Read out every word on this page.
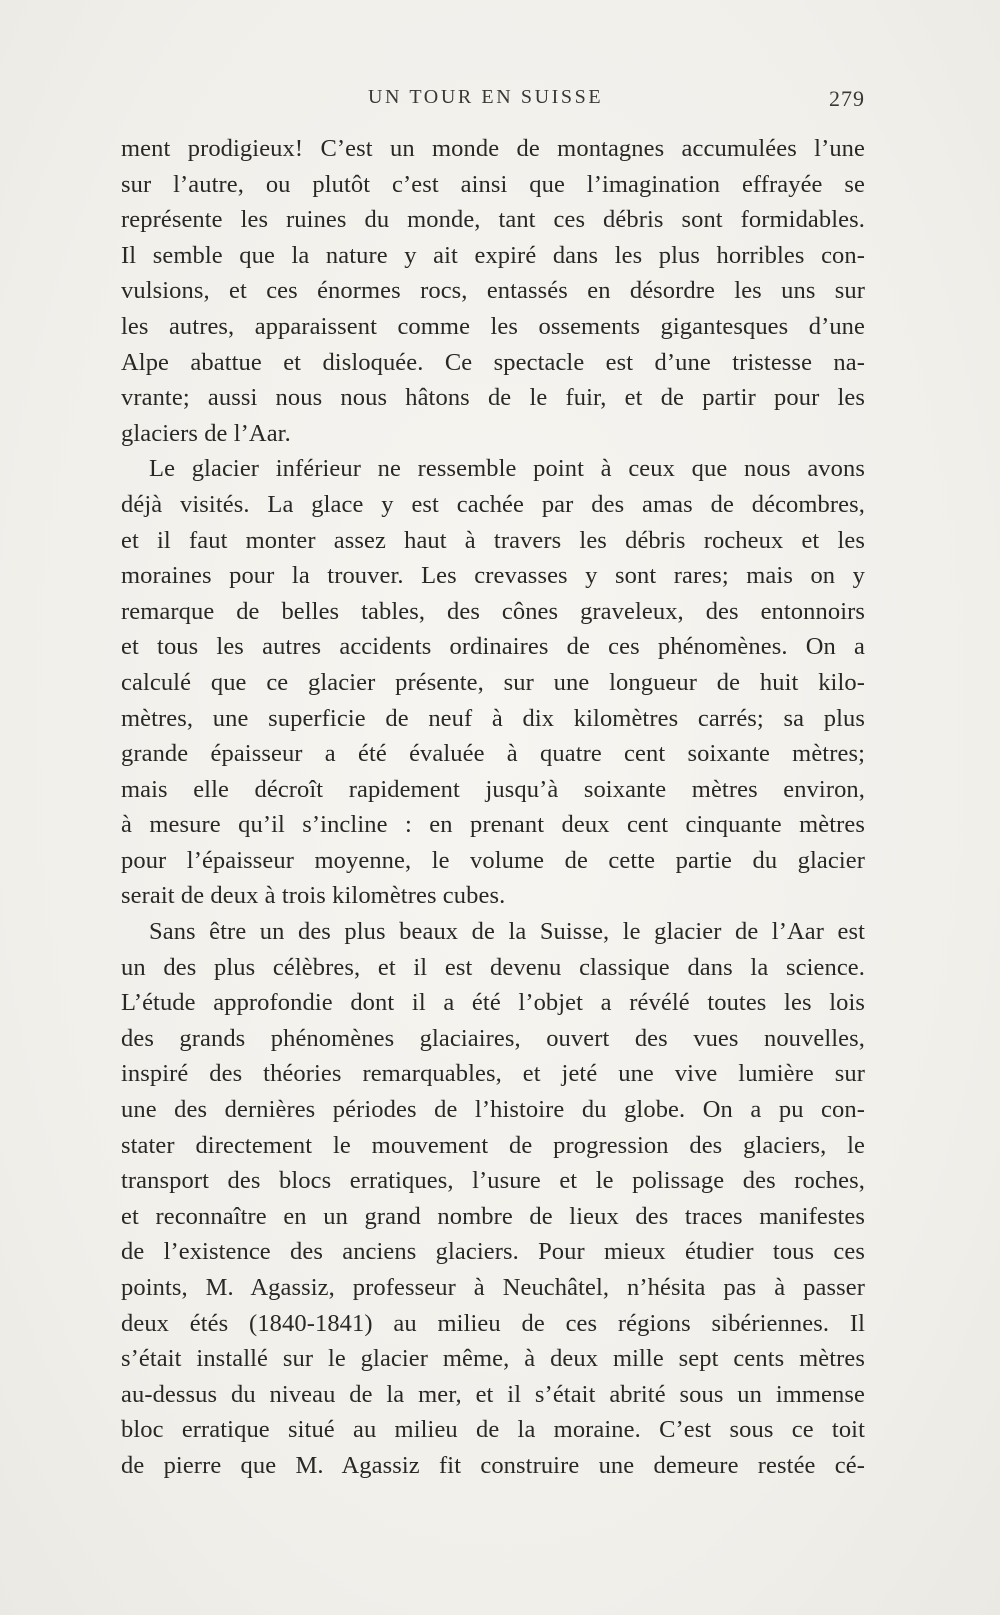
UN TOUR EN SUISSE	279
ment prodigieux! C’est un monde de montagnes accumulées l’une
sur l’autre, ou plutôt c’est ainsi que l’imagination effrayée se
représente les ruines du monde, tant ces débris sont formidables.
Il semble que la nature y ait expiré dans les plus horribles con-
vulsions, et ces énormes rocs, entassés en désordre les uns sur
les autres, apparaissent comme les ossements gigantesques d’une
Alpe abattue et disloquée. Ce spectacle est d’une tristesse na-
vrante; aussi nous nous hâtons de le fuir, et de partir pour les
glaciers de l’Aar.
Le glacier inférieur ne ressemble point à ceux que nous avons
déjà visités. La glace y est cachée par des amas de décombres,
et il faut monter assez haut à travers les débris rocheux et les
moraines pour la trouver. Les crevasses y sont rares; mais on y
remarque de belles tables, des cônes graveleux, des entonnoirs
et tous les autres accidents ordinaires de ces phénomènes. On a
calculé que ce glacier présente, sur une longueur de huit kilo-
mètres, une superficie de neuf à dix kilomètres carrés; sa plus
grande épaisseur a été évaluée à quatre cent soixante mètres;
mais elle décroît rapidement jusqu’à soixante mètres environ,
à mesure qu’il s’incline : en prenant deux cent cinquante mètres
pour l’épaisseur moyenne, le volume de cette partie du glacier
serait de deux à trois kilomètres cubes.
Sans être un des plus beaux de la Suisse, le glacier de l’Aar est
un des plus célèbres, et il est devenu classique dans la science.
L’étude approfondie dont il a été l’objet a révélé toutes les lois
des grands phénomènes glaciaires, ouvert des vues nouvelles,
inspiré des théories remarquables, et jeté une vive lumière sur
une des dernières périodes de l’histoire du globe. On a pu con-
stater directement le mouvement de progression des glaciers, le
transport des blocs erratiques, l’usure et le polissage des roches,
et reconnaître en un grand nombre de lieux des traces manifestes
de l’existence des anciens glaciers. Pour mieux étudier tous ces
points, M. Agassiz, professeur à Neuchâtel, n’hésita pas à passer
deux étés (1840-1841) au milieu de ces régions sibériennes. Il
s’était installé sur le glacier même, à deux mille sept cents mètres
au-dessus du niveau de la mer, et il s’était abrité sous un immense
bloc erratique situé au milieu de la moraine. C’est sous ce toit
de pierre que M. Agassiz fit construire une demeure restée cé-
